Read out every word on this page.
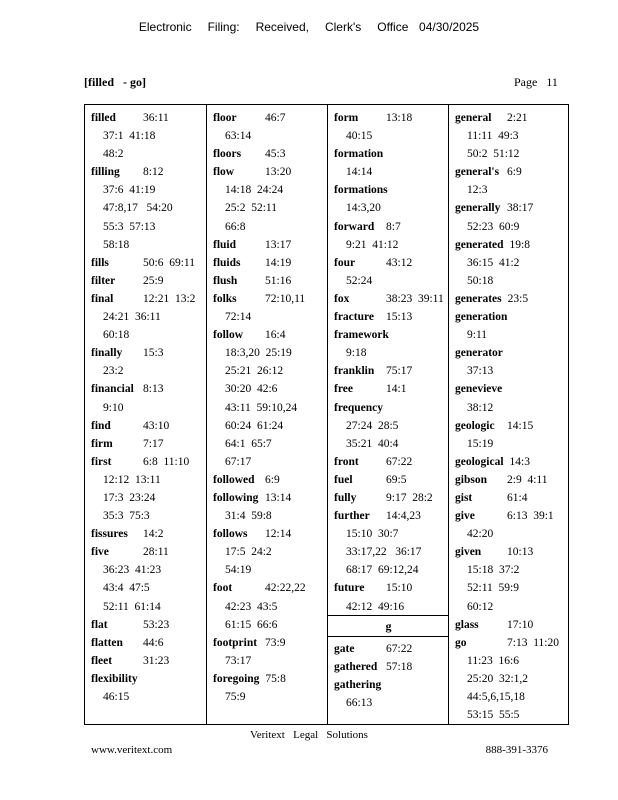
Electronic   Filing:   Received,   Clerk's   Office  04/30/2025
[filled   - go]	Page   11
filled	36:11
37:1  41:18
48:2
filling	8:12
37:6  41:19
47:8,17   54:20
55:3  57:13
58:18
fills	50:6  69:11
filter	25:9
final	12:21  13:2
24:21  36:11
60:18
finally	15:3
23:2
financial 8:13
9:10
find	43:10
firm	7:17
first	6:8  11:10
12:12  13:11
17:3  23:24
35:3  75:3
fissures	14:2
five	28:11
36:23  41:23
43:4  47:5
52:11  61:14
flat	53:23
flatten	44:6
fleet	31:23
flexibility
46:15
floor	46:7
63:14
floors	45:3
flow	13:20
14:18  24:24
25:2  52:11
66:8
fluid	13:17
fluids	14:19
flush	51:16
folks	72:10,11
72:14
follow	16:4
18:3,20  25:19
25:21  26:12
30:20  42:6
43:11  59:10,24
60:24  61:24
64:1  65:7
67:17
followed 6:9
following 13:14
31:4  59:8
follows	12:14
17:5  24:2
54:19
foot	42:22,22
42:23  43:5
61:15  66:6
footprint 73:9
73:17
foregoing 75:8
75:9
form	13:18
40:15
formation
14:14
formations
14:3,20
forward	8:7
9:21  41:12
four	43:12
52:24
fox	38:23  39:11
fracture	15:13
framework
9:18
franklin	75:17
free	14:1
frequency
27:24  28:5
35:21  40:4
front	67:22
fuel	69:5
fully	9:17  28:2
further	14:4,23
15:10  30:7
33:17,22   36:17
68:17  69:12,24
future	15:10
42:12  49:16
g
gate	67:22
gathered 57:18
gathering
66:13
general	2:21
11:11  49:3
50:2  51:12
general's 6:9
12:3
generally 38:17
52:23  60:9
generated 19:8
36:15  41:2
50:18
generates 23:5
generation
9:11
generator
37:13
genevieve
38:12
geologic	14:15
15:19
geological 14:3
gibson	2:9  4:11
gist	61:4
give	6:13  39:1
42:20
given	10:13
15:18  37:2
52:11  59:9
60:12
glass	17:10
go	7:13  11:20
11:23  16:6
25:20  32:1,2
44:5,6,15,18
53:15  55:5
Veritext   Legal   Solutions
www.veritext.com	888-391-3376
